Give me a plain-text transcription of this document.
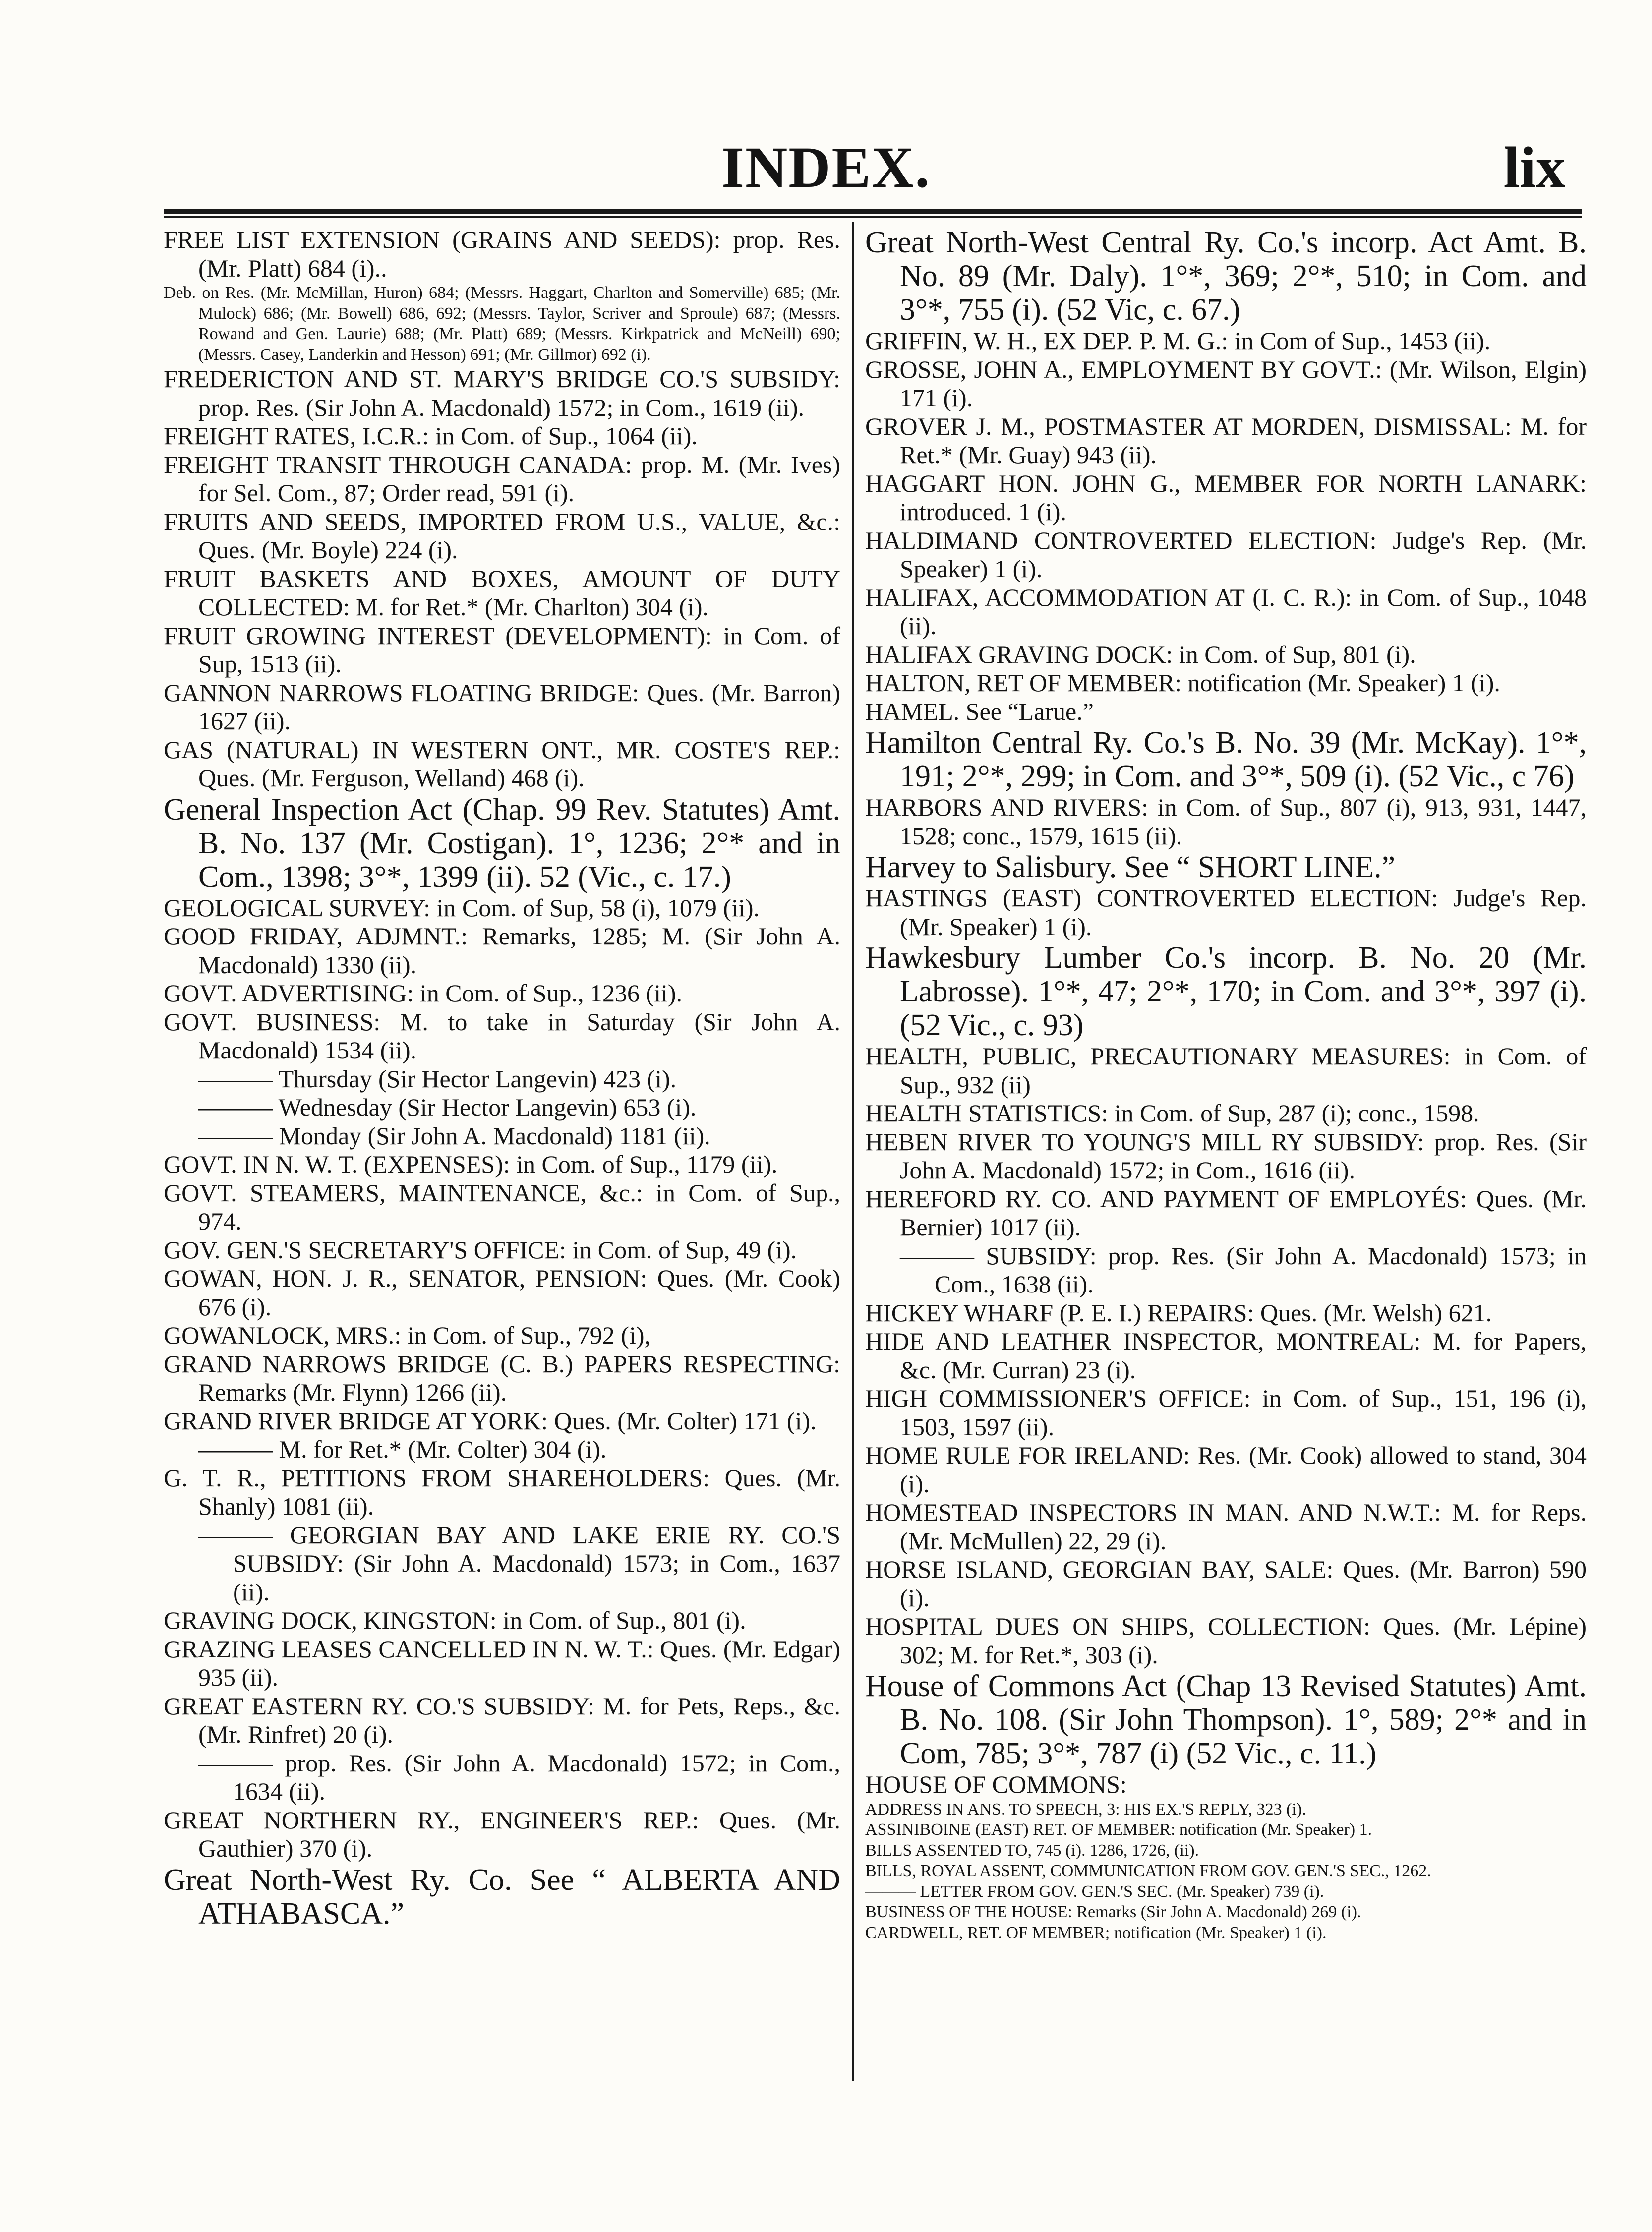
INDEX.	lix

FREE LIST EXTENSION (GRAINS AND SEEDS): prop. Res. (Mr. Platt) 684 (i)..

Deb. on Res. (Mr. McMillan, Huron) 684; (Messrs. Haggart, Charlton and Somerville) 685; (Mr. Mulock) 686; (Mr. Bowell) 686, 692; (Messrs. Taylor, Scriver and Sproule) 687; (Messrs. Rowand and Gen. Laurie) 688; (Mr. Platt) 689; (Messrs. Kirkpatrick and McNeill) 690; (Messrs. Casey, Landerkin and Hesson) 691; (Mr. Gillmor) 692 (i).

FREDERICTON AND ST. MARY'S BRIDGE CO.'S SUBSIDY: prop. Res. (Sir John A. Macdonald) 1572; in Com., 1619 (ii).

FREIGHT RATES, I.C.R.: in Com. of Sup., 1064 (ii).

FREIGHT TRANSIT THROUGH CANADA: prop. M. (Mr. Ives) for Sel. Com., 87; Order read, 591 (i).

FRUITS AND SEEDS, IMPORTED FROM U.S., VALUE, &c.: Ques. (Mr. Boyle) 224 (i).

FRUIT BASKETS AND BOXES, AMOUNT OF DUTY COLLECTED: M. for Ret.* (Mr. Charlton) 304 (i).

FRUIT GROWING INTEREST (DEVELOPMENT): in Com. of Sup, 1513 (ii).

GANNON NARROWS FLOATING BRIDGE: Ques. (Mr. Barron) 1627 (ii).

GAS (NATURAL) IN WESTERN ONT., MR. COSTE'S REP.: Ques. (Mr. Ferguson, Welland) 468 (i).

General Inspection Act (Chap. 99 Rev. Statutes) Amt. B. No. 137 (Mr. Costigan). 1°, 1236; 2°* and in Com., 1398; 3°*, 1399 (ii). 52 (Vic., c. 17.)

GEOLOGICAL SURVEY: in Com. of Sup, 58 (i), 1079 (ii).

GOOD FRIDAY, ADJMNT.: Remarks, 1285; M. (Sir John A. Macdonald) 1330 (ii).

GOVT. ADVERTISING: in Com. of Sup., 1236 (ii).

GOVT. BUSINESS: M. to take in Saturday (Sir John A. Macdonald) 1534 (ii).

——— Thursday (Sir Hector Langevin) 423 (i).

——— Wednesday (Sir Hector Langevin) 653 (i).

——— Monday (Sir John A. Macdonald) 1181 (ii).

GOVT. IN N. W. T. (EXPENSES): in Com. of Sup., 1179 (ii).

GOVT. STEAMERS, MAINTENANCE, &c.: in Com. of Sup., 974.

GOV. GEN.'S SECRETARY'S OFFICE: in Com. of Sup, 49 (i).

GOWAN, HON. J. R., SENATOR, PENSION: Ques. (Mr. Cook) 676 (i).

GOWANLOCK, MRS.: in Com. of Sup., 792 (i),

GRAND NARROWS BRIDGE (C. B.) PAPERS RESPECTING: Remarks (Mr. Flynn) 1266 (ii).

GRAND RIVER BRIDGE AT YORK: Ques. (Mr. Colter) 171 (i).

——— M. for Ret.* (Mr. Colter) 304 (i).

G. T. R., PETITIONS FROM SHAREHOLDERS: Ques. (Mr. Shanly) 1081 (ii).

——— GEORGIAN BAY AND LAKE ERIE RY. CO.'S SUBSIDY: (Sir John A. Macdonald) 1573; in Com., 1637 (ii).

GRAVING DOCK, KINGSTON: in Com. of Sup., 801 (i).

GRAZING LEASES CANCELLED IN N. W. T.: Ques. (Mr. Edgar) 935 (ii).

GREAT EASTERN RY. CO.'S SUBSIDY: M. for Pets, Reps., &c. (Mr. Rinfret) 20 (i).

——— prop. Res. (Sir John A. Macdonald) 1572; in Com., 1634 (ii).

GREAT NORTHERN RY., ENGINEER'S REP.: Ques. (Mr. Gauthier) 370 (i).

Great North-West Ry. Co. See “ ALBERTA AND ATHABASCA.”

Great North-West Central Ry. Co.'s incorp. Act Amt. B. No. 89 (Mr. Daly). 1°*, 369; 2°*, 510; in Com. and 3°*, 755 (i). (52 Vic, c. 67.)

GRIFFIN, W. H., EX DEP. P. M. G.: in Com of Sup., 1453 (ii).

GROSSE, JOHN A., EMPLOYMENT BY GOVT.: (Mr. Wilson, Elgin) 171 (i).

GROVER J. M., POSTMASTER AT MORDEN, DISMISSAL: M. for Ret.* (Mr. Guay) 943 (ii).

HAGGART HON. JOHN G., MEMBER FOR NORTH LANARK: introduced. 1 (i).

HALDIMAND CONTROVERTED ELECTION: Judge's Rep. (Mr. Speaker) 1 (i).

HALIFAX, ACCOMMODATION AT (I. C. R.): in Com. of Sup., 1048 (ii).

HALIFAX GRAVING DOCK: in Com. of Sup, 801 (i).

HALTON, RET OF MEMBER: notification (Mr. Speaker) 1 (i).

HAMEL. See “Larue.”

Hamilton Central Ry. Co.'s B. No. 39 (Mr. McKay). 1°*, 191; 2°*, 299; in Com. and 3°*, 509 (i). (52 Vic., c 76)

HARBORS AND RIVERS: in Com. of Sup., 807 (i), 913, 931, 1447, 1528; conc., 1579, 1615 (ii).

Harvey to Salisbury. See “ SHORT LINE.”

HASTINGS (EAST) CONTROVERTED ELECTION: Judge's Rep. (Mr. Speaker) 1 (i).

Hawkesbury Lumber Co.'s incorp. B. No. 20 (Mr. Labrosse). 1°*, 47; 2°*, 170; in Com. and 3°*, 397 (i). (52 Vic., c. 93)

HEALTH, PUBLIC, PRECAUTIONARY MEASURES: in Com. of Sup., 932 (ii)

HEALTH STATISTICS: in Com. of Sup, 287 (i); conc., 1598.

HEBEN RIVER TO YOUNG'S MILL RY SUBSIDY: prop. Res. (Sir John A. Macdonald) 1572; in Com., 1616 (ii).

HEREFORD RY. CO. AND PAYMENT OF EMPLOYÉS: Ques. (Mr. Bernier) 1017 (ii).

——— SUBSIDY: prop. Res. (Sir John A. Macdonald) 1573; in Com., 1638 (ii).

HICKEY WHARF (P. E. I.) REPAIRS: Ques. (Mr. Welsh) 621.

HIDE AND LEATHER INSPECTOR, MONTREAL: M. for Papers, &c. (Mr. Curran) 23 (i).

HIGH COMMISSIONER'S OFFICE: in Com. of Sup., 151, 196 (i), 1503, 1597 (ii).

HOME RULE FOR IRELAND: Res. (Mr. Cook) allowed to stand, 304 (i).

HOMESTEAD INSPECTORS IN MAN. AND N.W.T.: M. for Reps. (Mr. McMullen) 22, 29 (i).

HORSE ISLAND, GEORGIAN BAY, SALE: Ques. (Mr. Barron) 590 (i).

HOSPITAL DUES ON SHIPS, COLLECTION: Ques. (Mr. Lépine) 302; M. for Ret.*, 303 (i).

House of Commons Act (Chap 13 Revised Statutes) Amt. B. No. 108. (Sir John Thompson). 1°, 589; 2°* and in Com, 785; 3°*, 787 (i) (52 Vic., c. 11.)

HOUSE OF COMMONS:

ADDRESS IN ANS. TO SPEECH, 3: HIS EX.'S REPLY, 323 (i).

ASSINIBOINE (EAST) RET. OF MEMBER: notification (Mr. Speaker) 1.

BILLS ASSENTED TO, 745 (i). 1286, 1726, (ii).

BILLS, ROYAL ASSENT, COMMUNICATION FROM GOV. GEN.'S SEC., 1262.

——— LETTER FROM GOV. GEN.'S SEC. (Mr. Speaker) 739 (i).

BUSINESS OF THE HOUSE: Remarks (Sir John A. Macdonald) 269 (i).

CARDWELL, RET. OF MEMBER; notification (Mr. Speaker) 1 (i).
